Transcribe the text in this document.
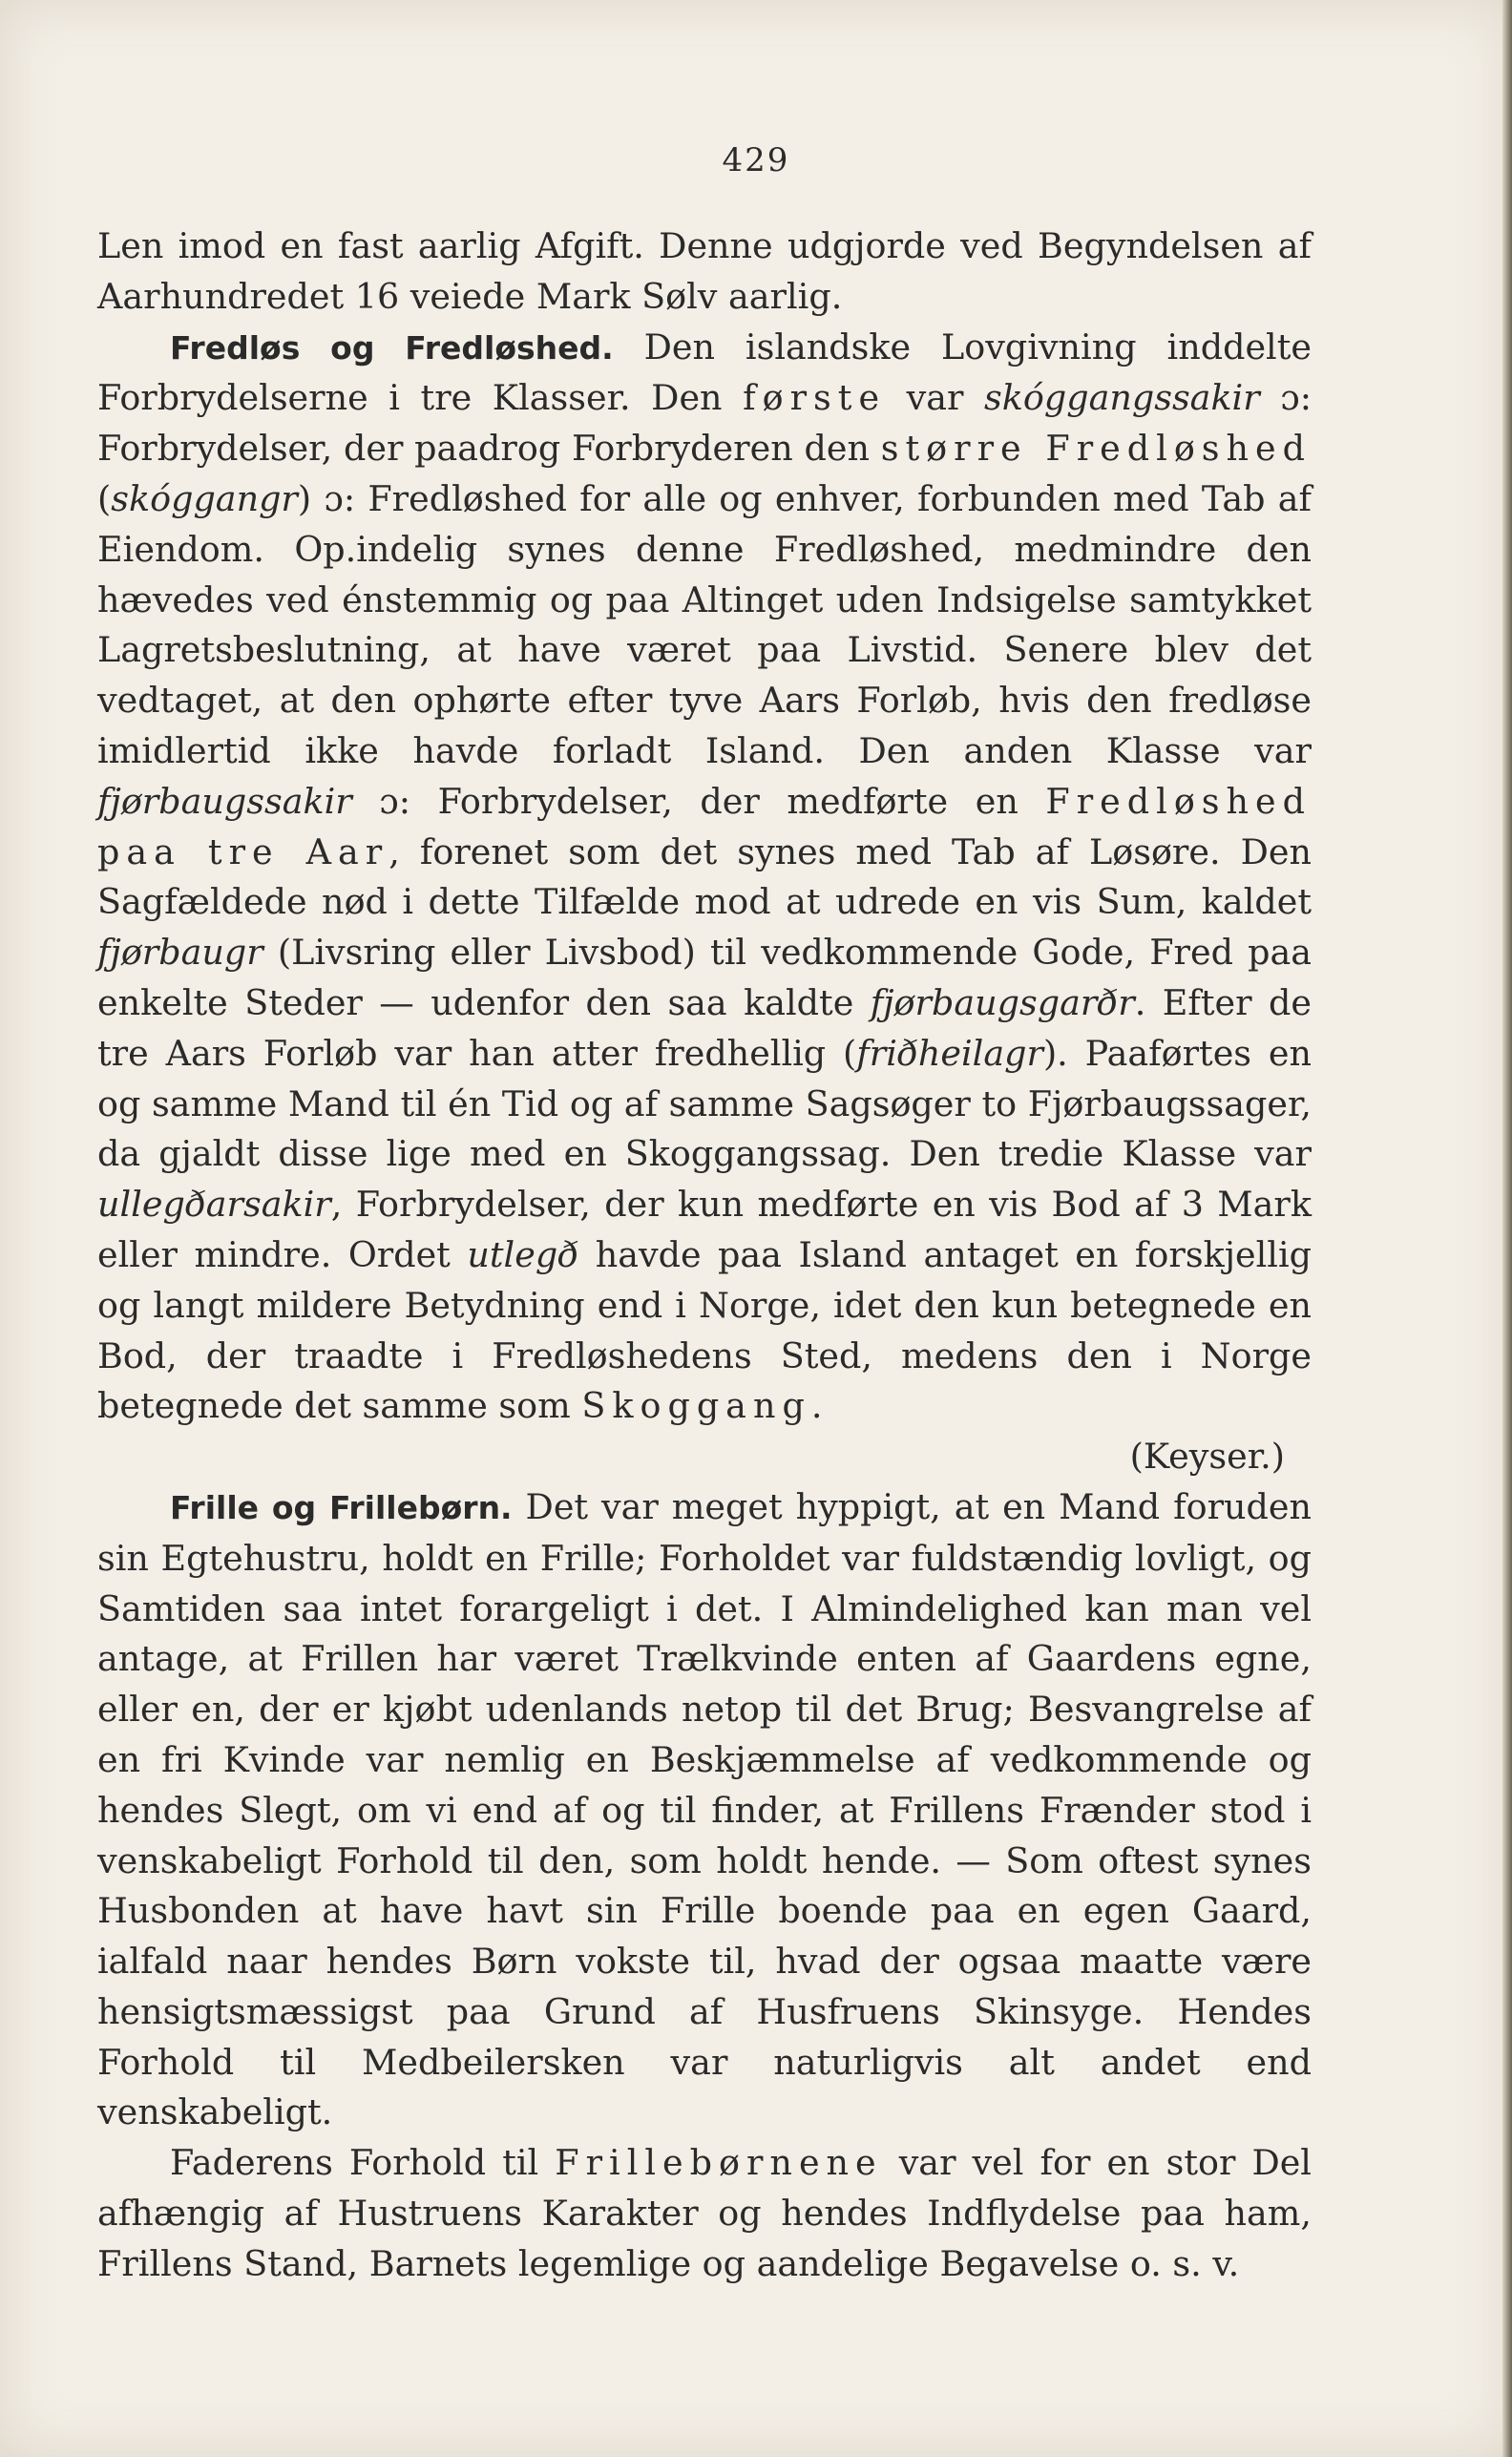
429

Len imod en fast aarlig Afgift. Denne udgjorde ved Begyndelsen af Aarhundredet 16 veiede Mark Sølv aarlig.

Fredløs og Fredløshed. Den islandske Lovgivning inddelte Forbrydelserne i tre Klasser. Den første var skóggangssakir ɔ: Forbrydelser, der paadrog Forbryderen den større Fredløshed (skóggangr) ɔ: Fredløshed for alle og enhver, forbunden med Tab af Eiendom. Op.indelig synes denne Fredløshed, medmindre den hævedes ved énstemmig og paa Altinget uden Indsigelse samtykket Lagretsbeslutning, at have været paa Livstid. Senere blev det vedtaget, at den ophørte efter tyve Aars Forløb, hvis den fredløse imidlertid ikke havde forladt Island. Den anden Klasse var fjørbaugssakir ɔ: Forbrydelser, der medførte en Fredløshed paa tre Aar, forenet som det synes med Tab af Løsøre. Den Sagfældede nød i dette Tilfælde mod at udrede en vis Sum, kaldet fjørbaugr (Livsring eller Livsbod) til vedkommende Gode, Fred paa enkelte Steder — udenfor den saa kaldte fjørbaugsgarðr. Efter de tre Aars Forløb var han atter fredhellig (friðheilagr). Paaførtes en og samme Mand til én Tid og af samme Sagsøger to Fjørbaugssager, da gjaldt disse lige med en Skoggangssag. Den tredie Klasse var ullegðarsakir, Forbrydelser, der kun medførte en vis Bod af 3 Mark eller mindre. Ordet utlegð havde paa Island antaget en forskjellig og langt mildere Betydning end i Norge, idet den kun betegnede en Bod, der traadte i Fredløshedens Sted, medens den i Norge betegnede det samme som Skoggang.

(Keyser.)

Frille og Frillebørn. Det var meget hyppigt, at en Mand foruden sin Egtehustru, holdt en Frille; Forholdet var fuldstændig lovligt, og Samtiden saa intet forargeligt i det. I Almindelighed kan man vel antage, at Frillen har været Trælkvinde enten af Gaardens egne, eller en, der er kjøbt udenlands netop til det Brug; Besvangrelse af en fri Kvinde var nemlig en Beskjæmmelse af vedkommende og hendes Slegt, om vi end af og til finder, at Frillens Frænder stod i venskabeligt Forhold til den, som holdt hende. — Som oftest synes Husbonden at have havt sin Frille boende paa en egen Gaard, ialfald naar hendes Børn vokste til, hvad der ogsaa maatte være hensigtsmæssigst paa Grund af Husfruens Skinsyge. Hendes Forhold til Medbeilersken var naturligvis alt andet end venskabeligt.

Faderens Forhold til Frillebørnene var vel for en stor Del afhængig af Hustruens Karakter og hendes Indflydelse paa ham, Frillens Stand, Barnets legemlige og aandelige Begavelse o. s. v.
